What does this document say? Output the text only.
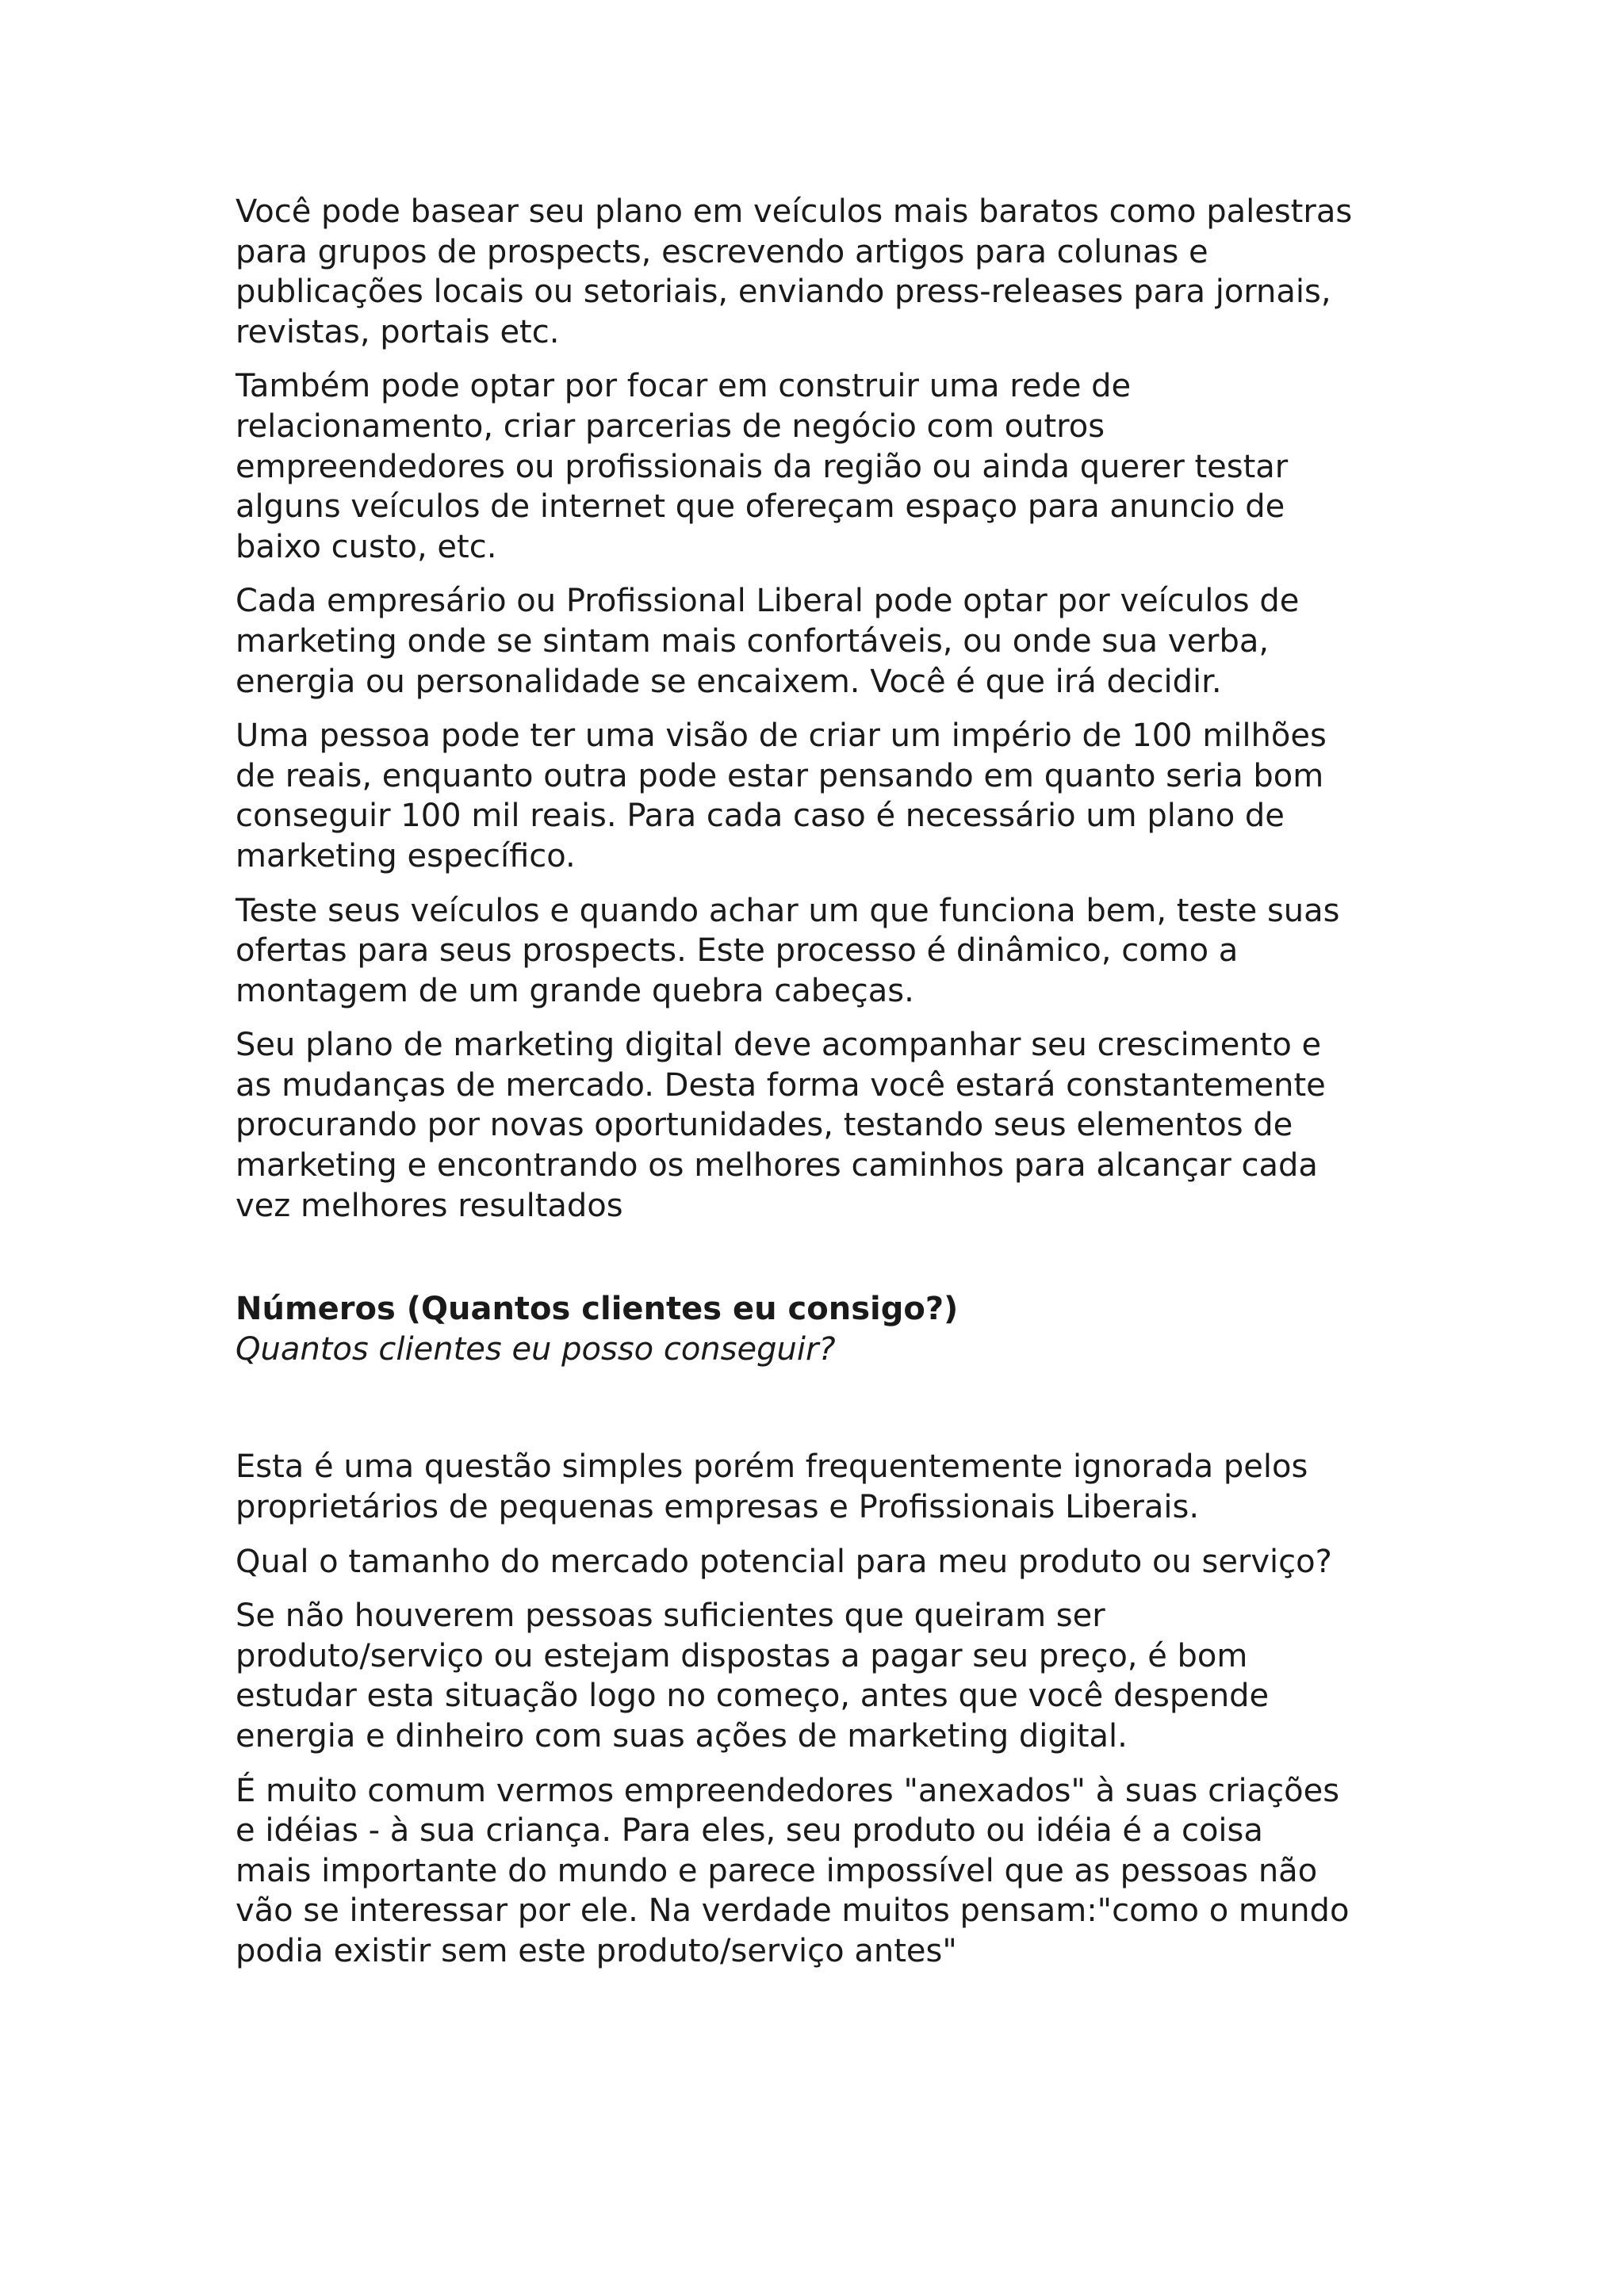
Você pode basear seu plano em veículos mais baratos como palestras
para grupos de prospects, escrevendo artigos para colunas e
publicações locais ou setoriais, enviando press-releases para jornais,
revistas, portais etc.

Também pode optar por focar em construir uma rede de
relacionamento, criar parcerias de negócio com outros
empreendedores ou profissionais da região ou ainda querer testar
alguns veículos de internet que ofereçam espaço para anuncio de
baixo custo, etc.

Cada empresário ou Profissional Liberal pode optar por veículos de
marketing onde se sintam mais confortáveis, ou onde sua verba,
energia ou personalidade se encaixem. Você é que irá decidir.

Uma pessoa pode ter uma visão de criar um império de 100 milhões
de reais, enquanto outra pode estar pensando em quanto seria bom
conseguir 100 mil reais. Para cada caso é necessário um plano de
marketing específico.

Teste seus veículos e quando achar um que funciona bem, teste suas
ofertas para seus prospects. Este processo é dinâmico, como a
montagem de um grande quebra cabeças.

Seu plano de marketing digital deve acompanhar seu crescimento e
as mudanças de mercado. Desta forma você estará constantemente
procurando por novas oportunidades, testando seus elementos de
marketing e encontrando os melhores caminhos para alcançar cada
vez melhores resultados

Números (Quantos clientes eu consigo?)

Quantos clientes eu posso conseguir?

Esta é uma questão simples porém frequentemente ignorada pelos
proprietários de pequenas empresas e Profissionais Liberais.

Qual o tamanho do mercado potencial para meu produto ou serviço?

Se não houverem pessoas suficientes que queiram ser
produto/serviço ou estejam dispostas a pagar seu preço, é bom
estudar esta situação logo no começo, antes que você despende
energia e dinheiro com suas ações de marketing digital.

É muito comum vermos empreendedores "anexados" à suas criações
e idéias - à sua criança. Para eles, seu produto ou idéia é a coisa
mais importante do mundo e parece impossível que as pessoas não
vão se interessar por ele. Na verdade muitos pensam:"como o mundo
podia existir sem este produto/serviço antes"
